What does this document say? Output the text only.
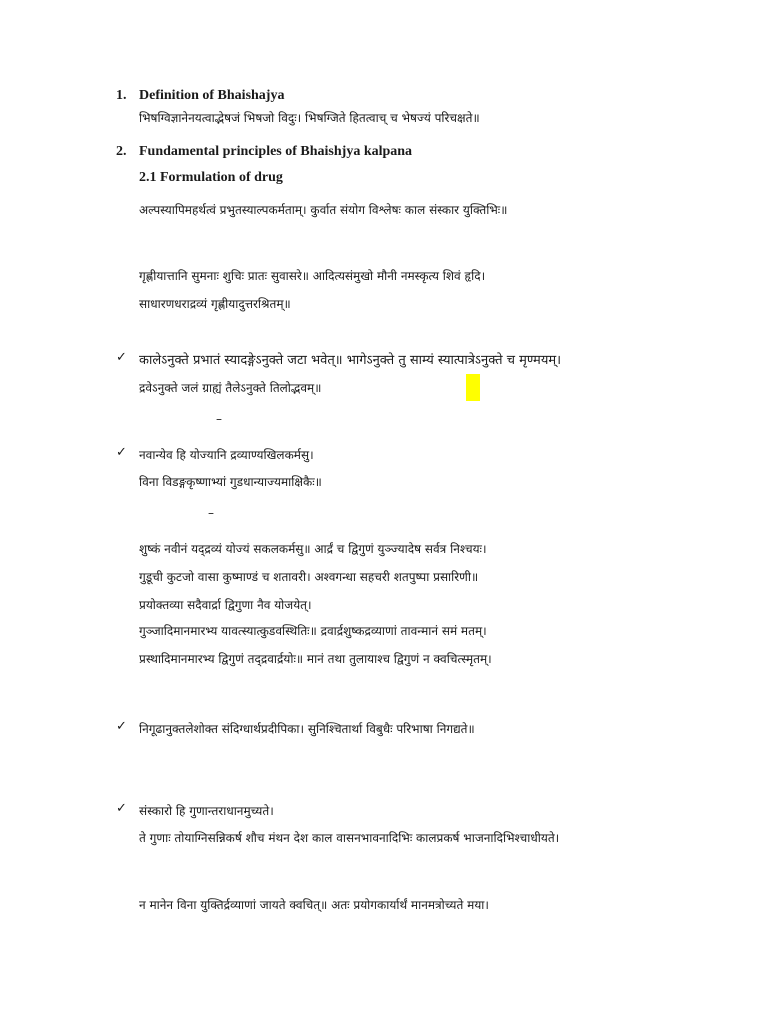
1. Definition of Bhaishajya
भिषग्विज्ञानेनयत्वाद्भेषजं भिषजो विदुः। भिषग्जिते हितत्वाच् च भेषज्यं परिचक्षते॥
2. Fundamental principles of Bhaishjya kalpana
2.1 Formulation of drug
अल्पस्यापिमहर्थत्वं प्रभुतस्याल्पकर्मताम्। कुर्वात संयोग विश्लेषः काल संस्कार युक्तिभिः॥
गृह्णीयात्तानि सुमनाः शुचिः प्रातः सुवासरे॥ आदित्यसंमुखो मौनी नमस्कृत्य शिवं हृदि।
साधारणधराद्रव्यं गृह्णीयादुत्तरश्रितम्॥
✓ कालेऽनुक्ते प्रभातं स्यादङ्गेऽनुक्ते जटा भवेत्॥ भागेऽनुक्ते तु साम्यं स्यात्पात्रेऽनुक्ते च मृण्मयम्।
द्रवेऽनुक्ते जलं ग्राह्यं तैलेऽनुक्ते तिलोद्भवम्॥
–
✓ नवान्येव हि योज्यानि द्रव्याण्यखिलकर्मसु।
विना विडङ्गकृष्णाभ्यां गुडधान्याज्यमाक्षिकैः॥
–
शुष्कं नवीनं यद्द्रव्यं योज्यं सकलकर्मसु॥ आर्द्रं च द्विगुणं युञ्ज्यादेष सर्वत्र निश्चयः।
गुडूची कुटजो वासा कुष्माण्डं च शतावरी। अश्वगन्धा सहचरी शतपुष्पा प्रसारिणी॥
प्रयोक्तव्या सदैवार्द्रा द्विगुणा नैव योजयेत्।
गुञ्जादिमानमारभ्य यावत्स्यात्कुडवस्थितिः॥ द्रवार्द्रशुष्कद्रव्याणां तावन्मानं समं मतम्।
प्रस्थादिमानमारभ्य द्विगुणं तद्द्रवार्द्रयोः॥ मानं तथा तुलायाश्च द्विगुणं न क्वचित्स्मृतम्।
✓ निगूढानुक्तलेशोक्त संदिग्धार्थप्रदीपिका। सुनिश्चितार्था विबुधैः परिभाषा निगद्यते॥
✓ संस्कारो हि गुणान्तराधानमुच्यते।
ते गुणाः तोयाग्निसन्निकर्ष शौच मंथन देश काल वासनभावनादिभिः कालप्रकर्ष भाजनादिभिश्चाधीयते।
न मानेन विना युक्तिर्द्रव्याणां जायते क्वचित्॥ अतः प्रयोगकार्यार्थं मानमत्रोच्यते मया।
